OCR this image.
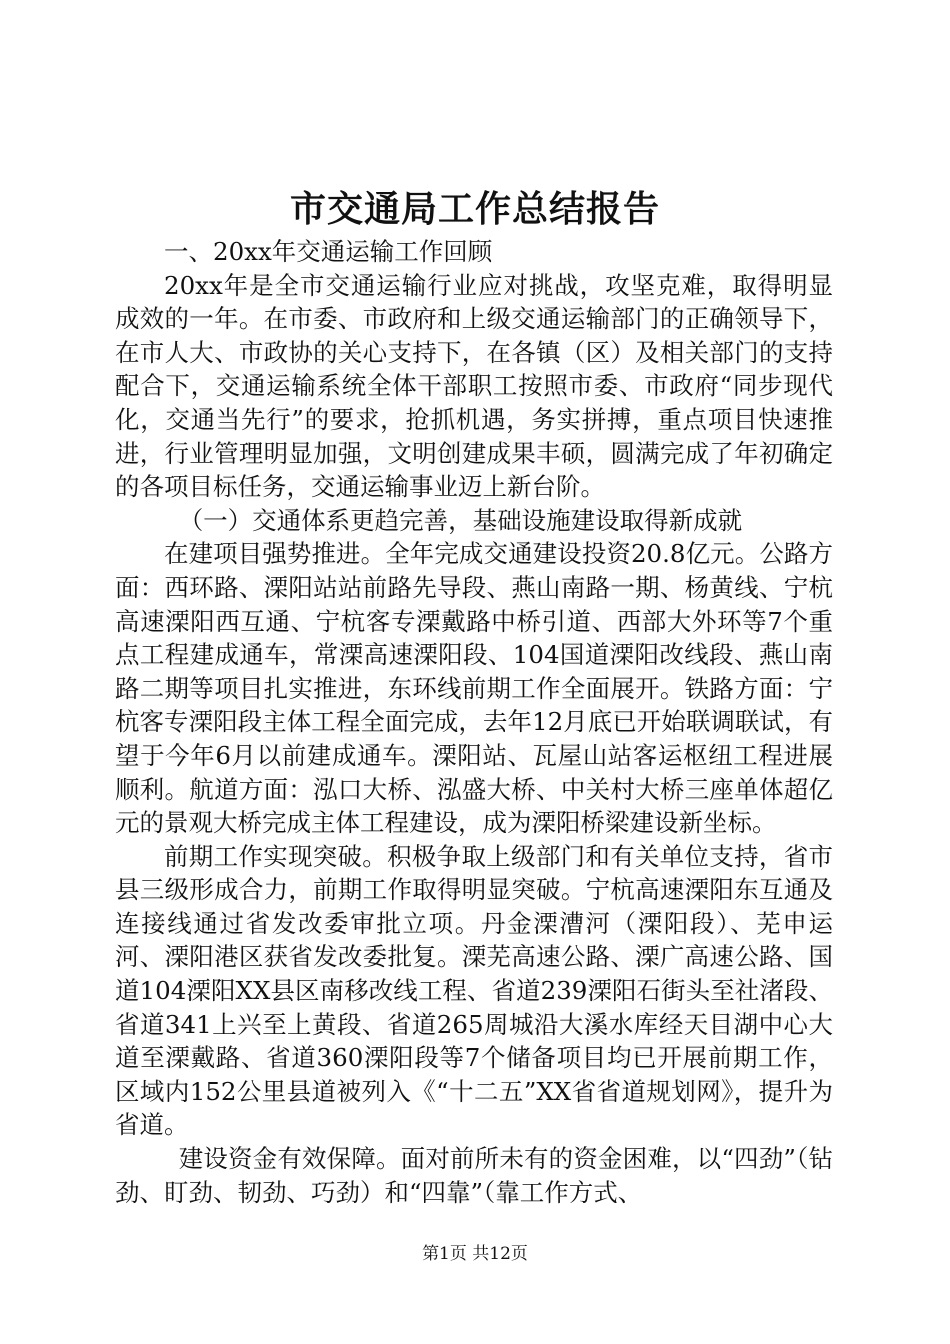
市交通局工作总结报告

一、20xx年交通运输工作回顾

20xx年是全市交通运输行业应对挑战，攻坚克难，取得明显成效的一年。在市委、市政府和上级交通运输部门的正确领导下，在市人大、市政协的关心支持下，在各镇（区）及相关部门的支持配合下，交通运输系统全体干部职工按照市委、市政府“同步现代化，交通当先行”的要求，抢抓机遇，务实拼搏，重点项目快速推进，行业管理明显加强，文明创建成果丰硕，圆满完成了年初确定的各项目标任务，交通运输事业迈上新台阶。

（一）交通体系更趋完善，基础设施建设取得新成就

在建项目强势推进。全年完成交通建设投资20.8亿元。公路方面：西环路、溧阳站站前路先导段、燕山南路一期、杨黄线、宁杭高速溧阳西互通、宁杭客专溧戴路中桥引道、西部大外环等7个重点工程建成通车，常溧高速溧阳段、104国道溧阳改线段、燕山南路二期等项目扎实推进，东环线前期工作全面展开。铁路方面：宁杭客专溧阳段主体工程全面完成，去年12月底已开始联调联试，有望于今年6月以前建成通车。溧阳站、瓦屋山站客运枢纽工程进展顺利。航道方面：泓口大桥、泓盛大桥、中关村大桥三座单体超亿元的景观大桥完成主体工程建设，成为溧阳桥梁建设新坐标。

前期工作实现突破。积极争取上级部门和有关单位支持，省市县三级形成合力，前期工作取得明显突破。宁杭高速溧阳东互通及连接线通过省发改委审批立项。丹金溧漕河（溧阳段）、芜申运河、溧阳港区获省发改委批复。溧芜高速公路、溧广高速公路、国道104溧阳XX县区南移改线工程、省道239溧阳石街头至社渚段、省道341上兴至上黄段、省道265周城沿大溪水库经天目湖中心大道至溧戴路、省道360溧阳段等7个储备项目均已开展前期工作，区域内152公里县道被列入《“十二五”XX省省道规划网》，提升为省道。

建设资金有效保障。面对前所未有的资金困难，以“四劲”（钻劲、盯劲、韧劲、巧劲）和“四靠”（靠工作方式、

第1页 共12页
